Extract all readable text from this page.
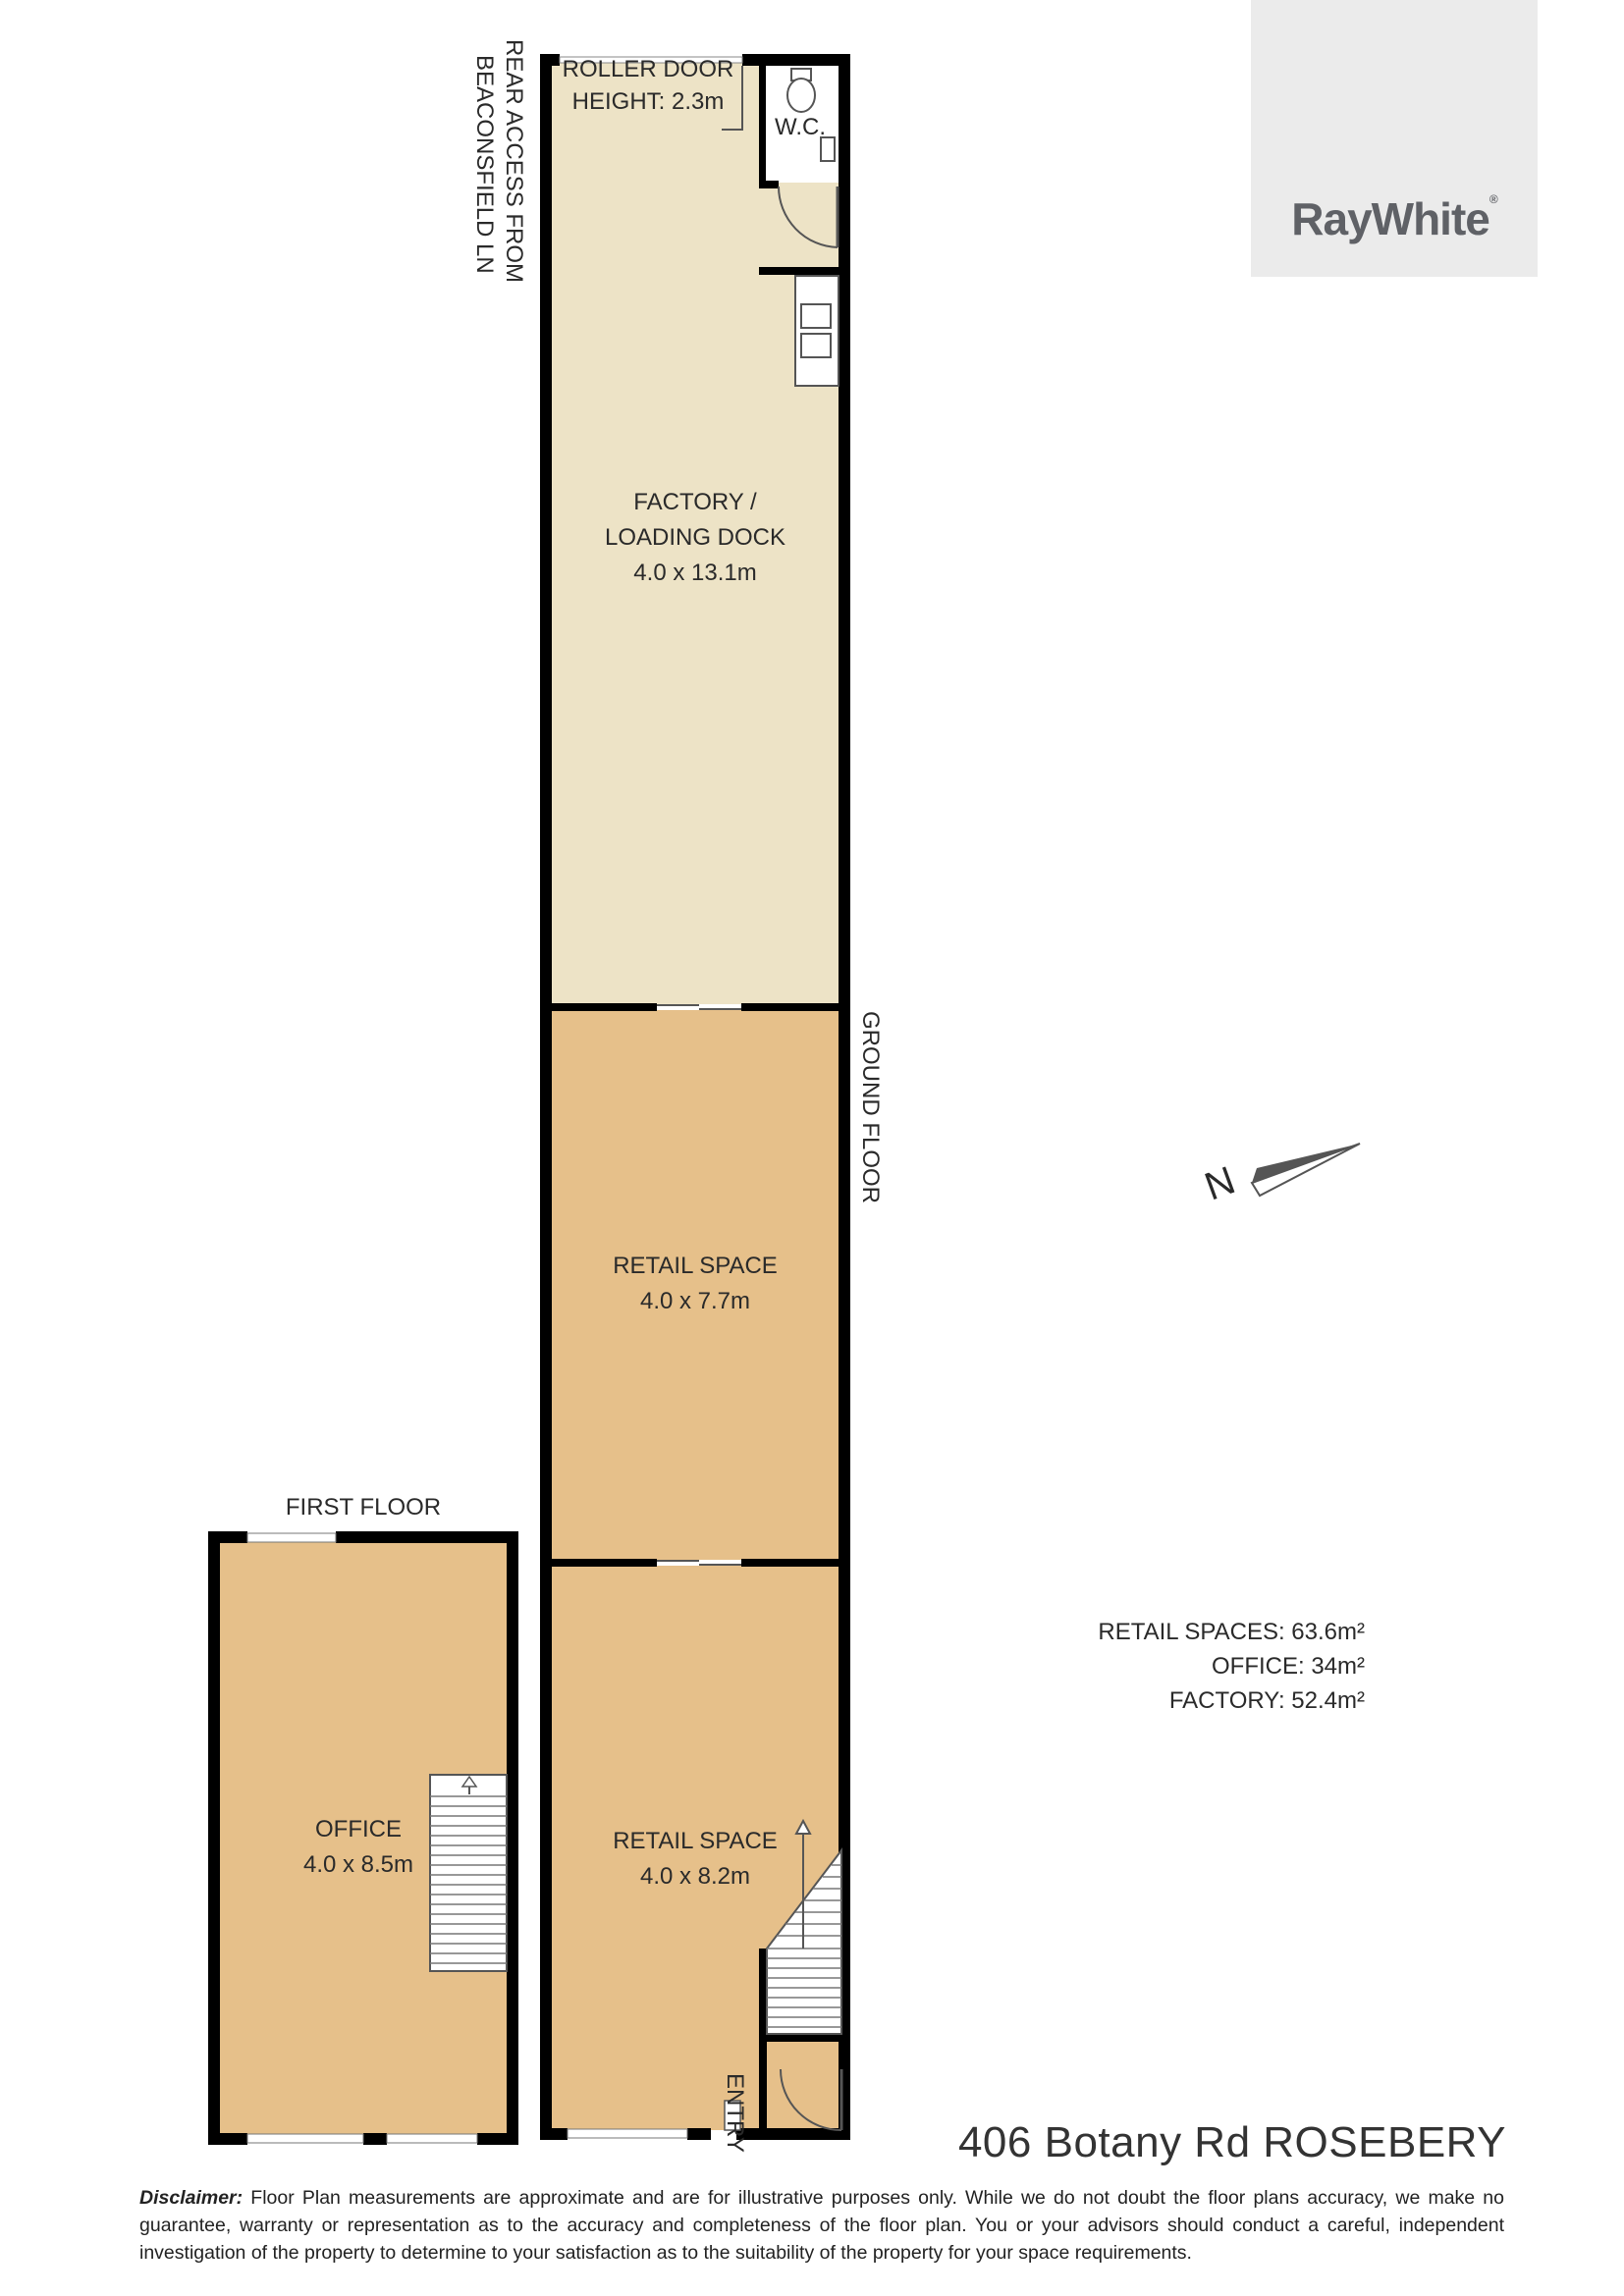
RayWhite®
N
ROLLER DOOR
HEIGHT: 2.3m
W.C.
FACTORY /
LOADING DOCK
4.0 x 13.1m
RETAIL SPACE
4.0 x 7.7m
RETAIL SPACE
4.0 x 8.2m
OFFICE
4.0 x 8.5m
ENTRY
FIRST FLOOR
REAR ACCESS FROM
BEACONSFIELD LN
GROUND FLOOR
RETAIL SPACES: 63.6m²
OFFICE: 34m²
FACTORY: 52.4m²
406 Botany Rd ROSEBERY
Disclaimer: Floor Plan measurements are approximate and are for illustrative purposes only. While we do not doubt the floor plans accuracy, we make no guarantee, warranty or representation as to the accuracy and completeness of the floor plan. You or your advisors should conduct a careful, independent investigation of the property to determine to your satisfaction as to the suitability of the property for your space requirements.
